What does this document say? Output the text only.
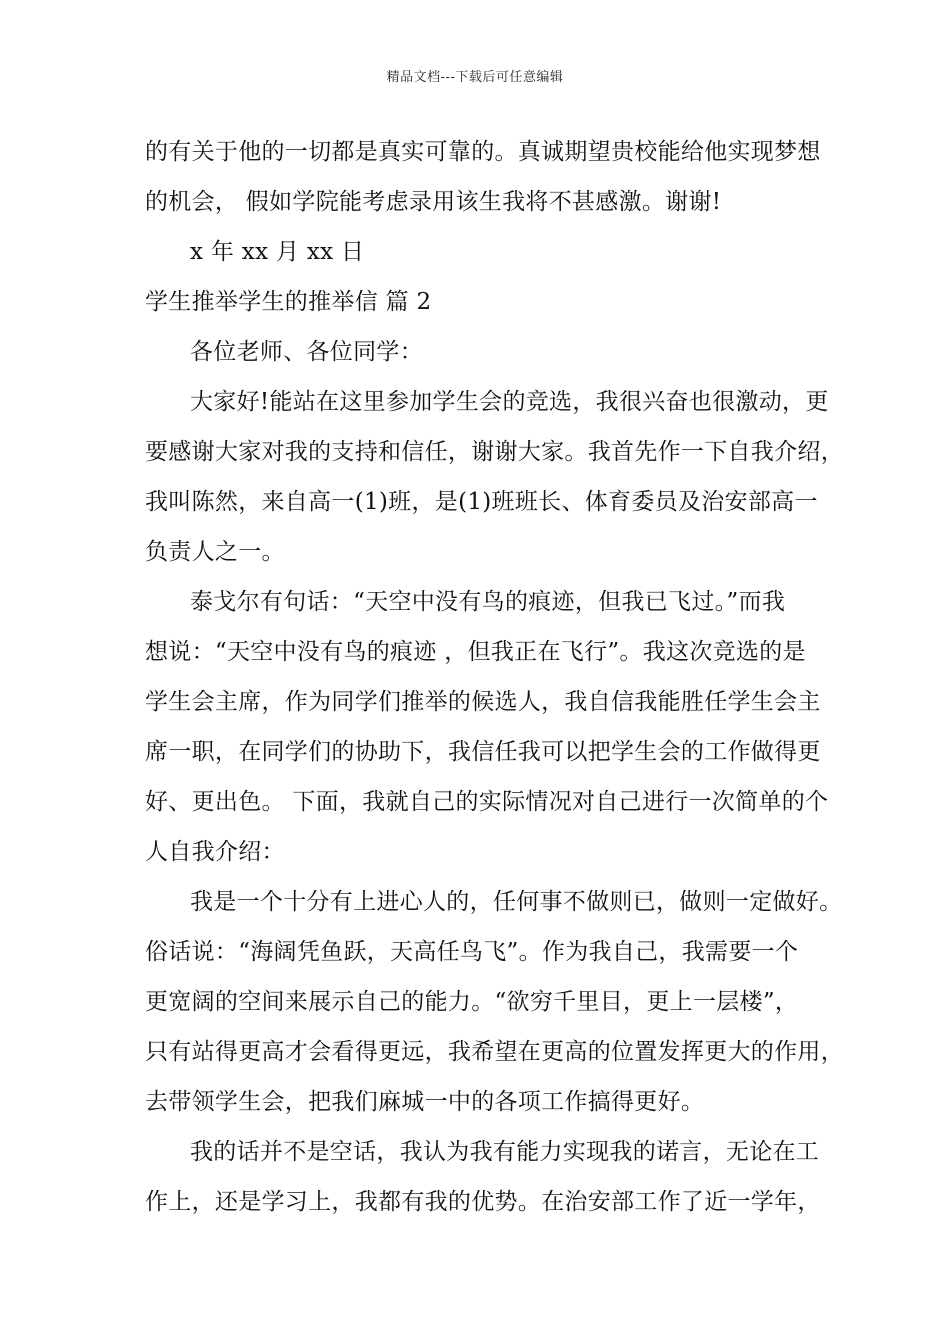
精品文档---下载后可任意编辑
的有关于他的一切都是真实可靠的。真诚期望贵校能给他实现梦想
的机会， 假如学院能考虑录用该生我将不甚感激。谢谢!
x 年 xx 月 xx 日
学生推举学生的推举信 篇 2
各位老师、各位同学：
大家好!能站在这里参加学生会的竞选，我很兴奋也很激动，更
要感谢大家对我的支持和信任，谢谢大家。我首先作一下自我介绍，
我叫陈然，来自高一(1)班，是(1)班班长、体育委员及治安部高一
负责人之一。
泰戈尔有句话：“天空中没有鸟的痕迹，但我已飞过。”而我
想说：“天空中没有鸟的痕迹 ，但我正在飞行”。我这次竞选的是
学生会主席，作为同学们推举的候选人，我自信我能胜任学生会主
席一职，在同学们的协助下，我信任我可以把学生会的工作做得更
好、更出色。 下面，我就自己的实际情况对自己进行一次简单的个
人自我介绍：
我是一个十分有上进心人的，任何事不做则已，做则一定做好。
俗话说：“海阔凭鱼跃，天高任鸟飞”。作为我自己，我需要一个
更宽阔的空间来展示自己的能力。“欲穷千里目，更上一层楼”，
只有站得更高才会看得更远，我希望在更高的位置发挥更大的作用，
去带领学生会，把我们麻城一中的各项工作搞得更好。
我的话并不是空话，我认为我有能力实现我的诺言，无论在工
作上，还是学习上，我都有我的优势。在治安部工作了近一学年，
